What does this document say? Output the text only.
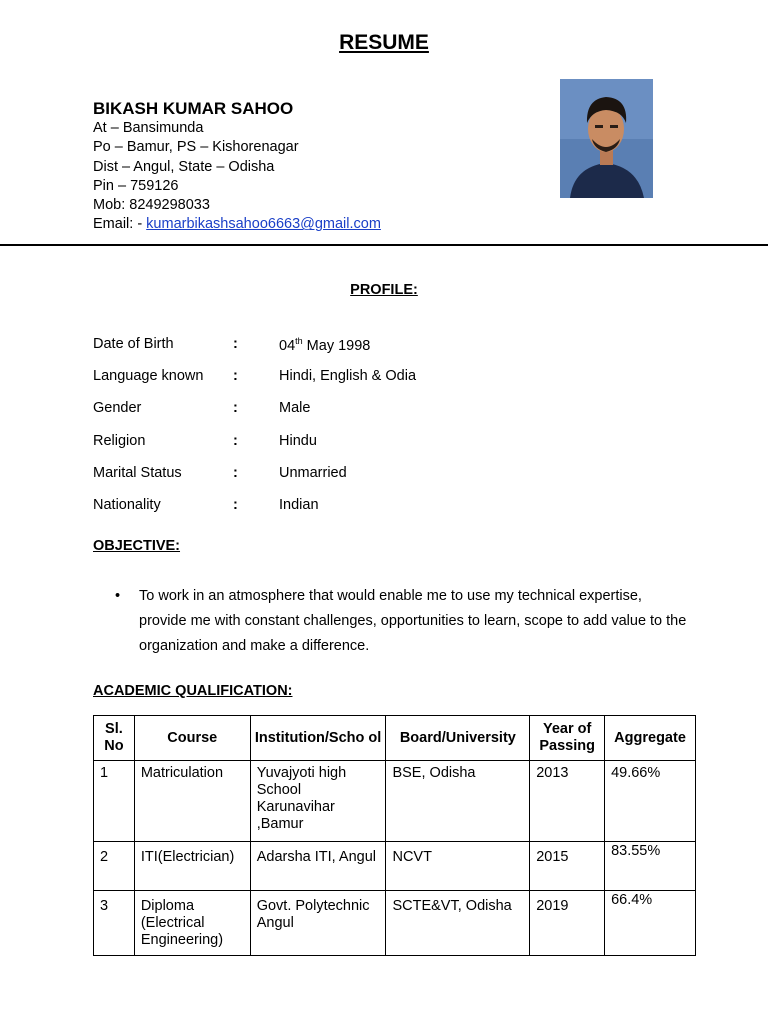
RESUME
BIKASH KUMAR SAHOO
At – Bansimunda
Po – Bamur, PS – Kishorenagar
Dist – Angul, State – Odisha
Pin – 759126
Mob: 8249298033
Email: - kumarbikashsahoo6663@gmail.com
PROFILE:
Date of Birth	:	04th May 1998
Language known :	Hindi, English & Odia
Gender	:	Male
Religion	:	Hindu
Marital Status	:	Unmarried
Nationality	:	Indian
OBJECTIVE:
• To work in an atmosphere that would enable me to use my technical expertise, provide me with constant challenges, opportunities to learn, scope to add value to the organization and make a difference.
ACADEMIC QUALIFICATION:
Sl. No	Course	Institution/Scho ol	Board/University	Year of Passing	Aggregate
1	Matriculation	Yuvajyoti high School Karunavihar ,Bamur	BSE, Odisha	2013	49.66%
2	ITI(Electrician)	Adarsha ITI, Angul	NCVT	2015	83.55%
3	Diploma (Electrical Engineering)	Govt. Polytechnic Angul	SCTE&VT, Odisha	2019	66.4%
